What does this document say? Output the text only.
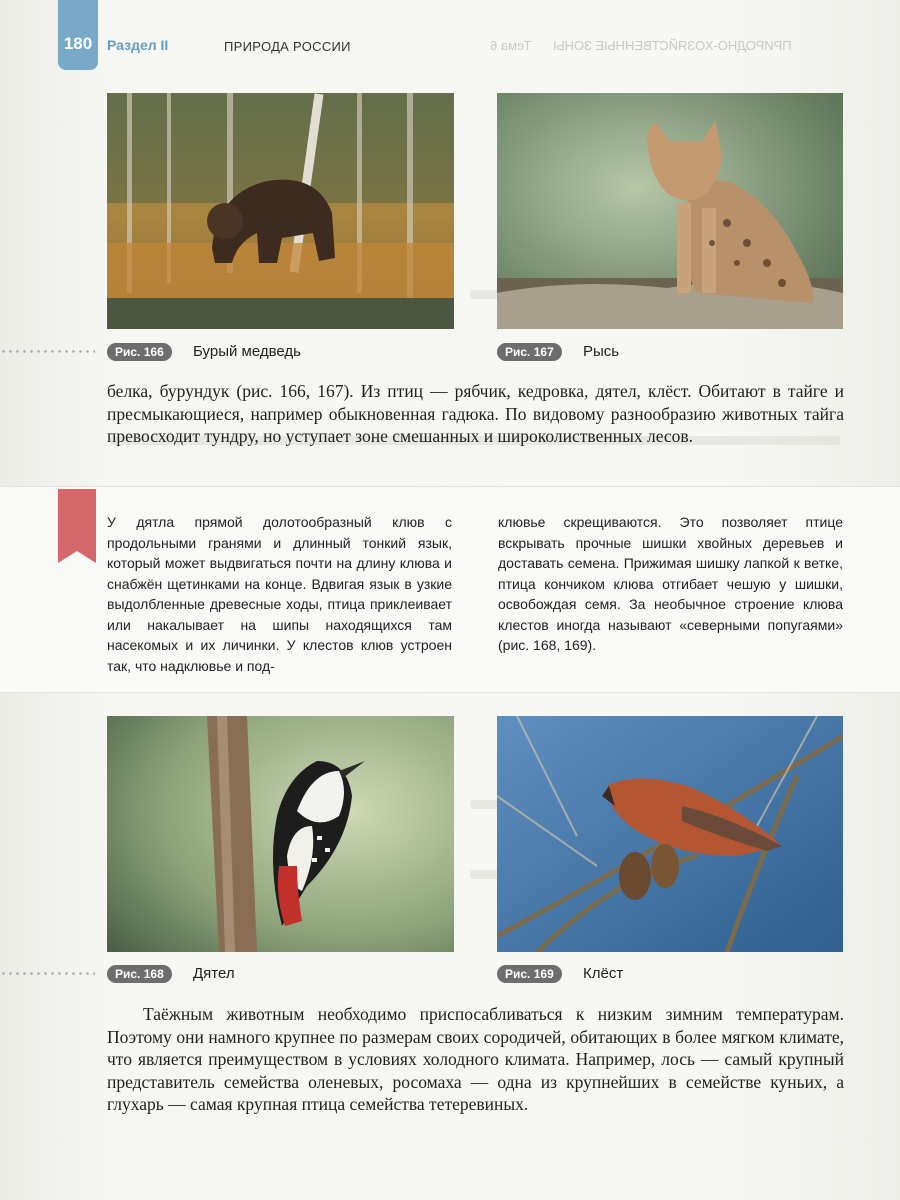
ПРИРОДНО-ХОЗЯЙСТВЕННЫЕ ЗОНЫ      Тема 6
180 Раздел II	ПРИРОДА РОССИИ
Рис. 166	Бурый медведь	Рис. 167	Рысь

белка, бурундук (рис. 166, 167). Из птиц — рябчик, кедровка, дятел, клёст. Обитают в тайге и пресмыкающиеся, например обыкновенная гадюка. По видовому разнообразию животных тайга превосходит тундру, но уступает зоне смешанных и широколиственных лесов.

У дятла прямой долотообразный клюв с продольными гранями и длинный тонкий язык, который может выдвигаться почти на длину клюва и снабжён щетинками на конце. Вдвигая язык в узкие выдолбленные древесные ходы, птица приклеивает или накалывает на шипы находящихся там насекомых и их личинки. У клестов клюв устроен так, что надклювье и под-

клювье скрещиваются. Это позволяет птице вскрывать прочные шишки хвойных деревьев и доставать семена. Прижимая шишку лапкой к ветке, птица кончиком клюва отгибает чешую у шишки, освобождая семя. За необычное строение клюва клестов иногда называют «северными попугаями» (рис. 168, 169).

Рис. 168	Дятел	Рис. 169	Клёст

Таёжным животным необходимо приспосабливаться к низким зимним температурам. Поэтому они намного крупнее по размерам своих сородичей, обитающих в более мягком климате, что является преимуществом в условиях холодного климата. Например, лось — самый крупный представитель семейства оленевых, росомаха — одна из крупнейших в семействе куньих, а глухарь — самая крупная птица семейства тетеревиных.
